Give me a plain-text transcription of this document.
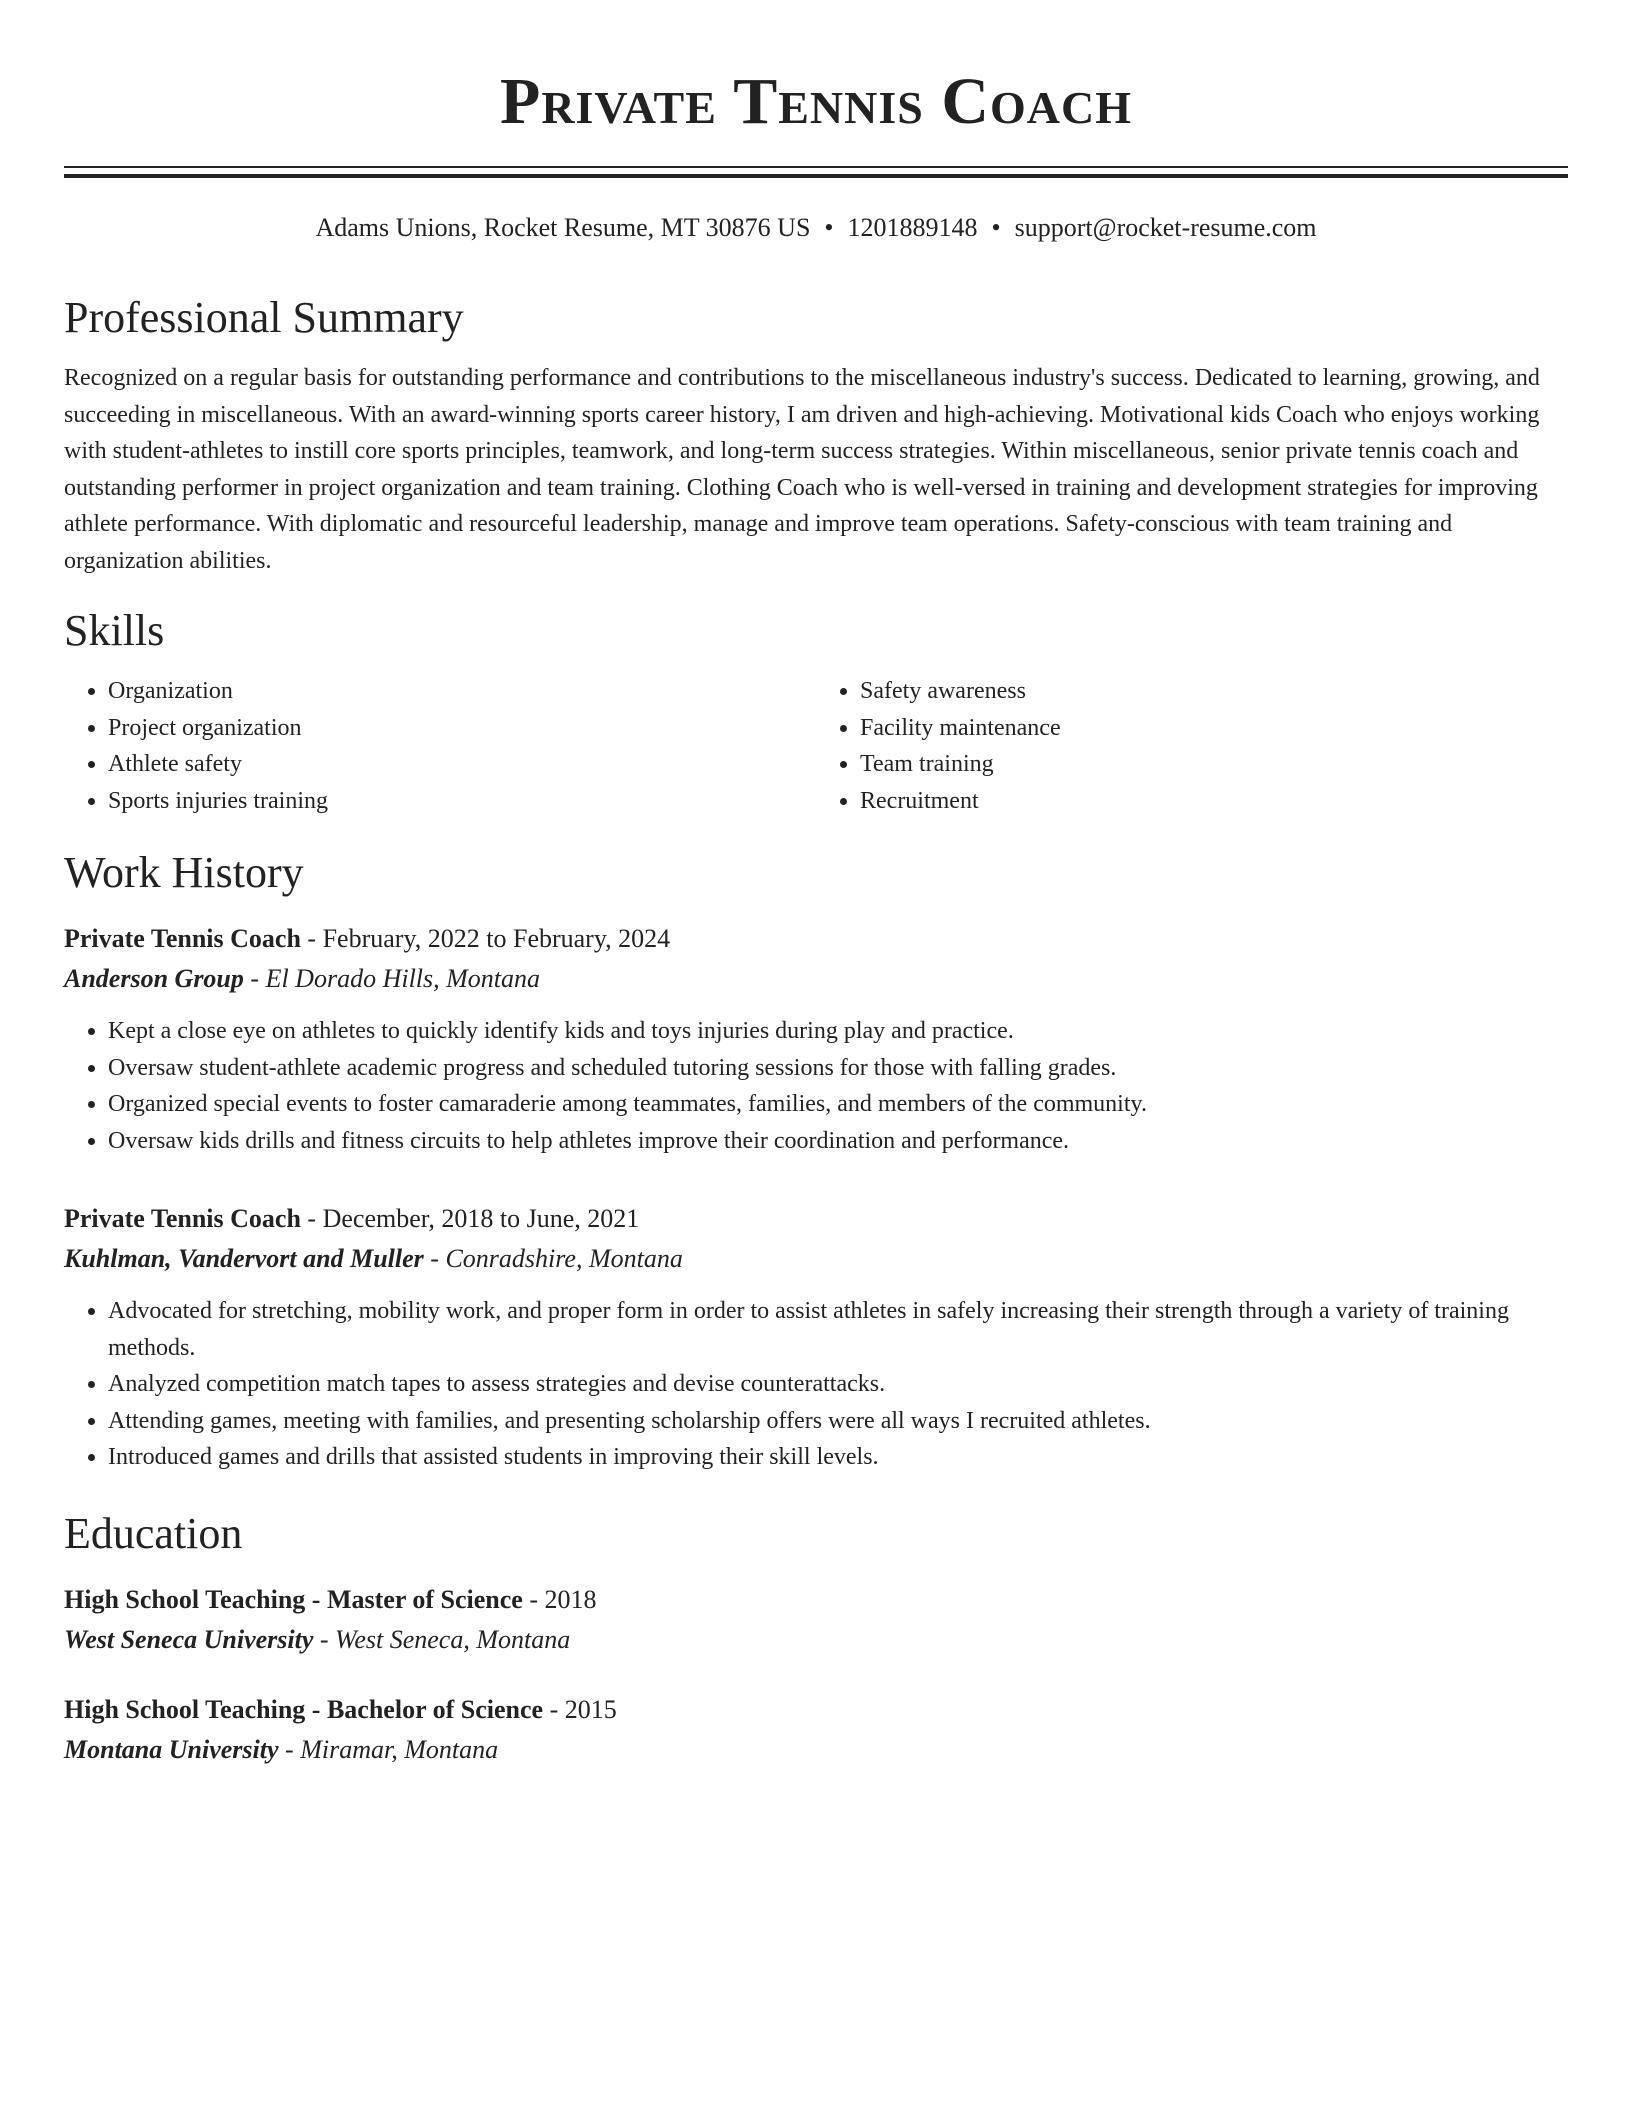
Private Tennis Coach
Adams Unions, Rocket Resume, MT 30876 US • 1201889148 • support@rocket-resume.com
Professional Summary

Recognized on a regular basis for outstanding performance and contributions to the miscellaneous industry's success. Dedicated to learning, growing, and succeeding in miscellaneous. With an award-winning sports career history, I am driven and high-achieving. Motivational kids Coach who enjoys working with student-athletes to instill core sports principles, teamwork, and long-term success strategies. Within miscellaneous, senior private tennis coach and outstanding performer in project organization and team training. Clothing Coach who is well-versed in training and development strategies for improving athlete performance. With diplomatic and resourceful leadership, manage and improve team operations. Safety-conscious with team training and organization abilities.

Skills
• Organization
• Project organization
• Athlete safety
• Sports injuries training
• Safety awareness
• Facility maintenance
• Team training
• Recruitment
Work History
Private Tennis Coach - February, 2022 to February, 2024
Anderson Group - El Dorado Hills, Montana
• Kept a close eye on athletes to quickly identify kids and toys injuries during play and practice.
• Oversaw student-athlete academic progress and scheduled tutoring sessions for those with falling grades.
• Organized special events to foster camaraderie among teammates, families, and members of the community.
• Oversaw kids drills and fitness circuits to help athletes improve their coordination and performance.
Private Tennis Coach - December, 2018 to June, 2021
Kuhlman, Vandervort and Muller - Conradshire, Montana
• Advocated for stretching, mobility work, and proper form in order to assist athletes in safely increasing their strength through a variety of training methods.
• Analyzed competition match tapes to assess strategies and devise counterattacks.
• Attending games, meeting with families, and presenting scholarship offers were all ways I recruited athletes.
• Introduced games and drills that assisted students in improving their skill levels.
Education
High School Teaching - Master of Science - 2018
West Seneca University - West Seneca, Montana
High School Teaching - Bachelor of Science - 2015
Montana University - Miramar, Montana
